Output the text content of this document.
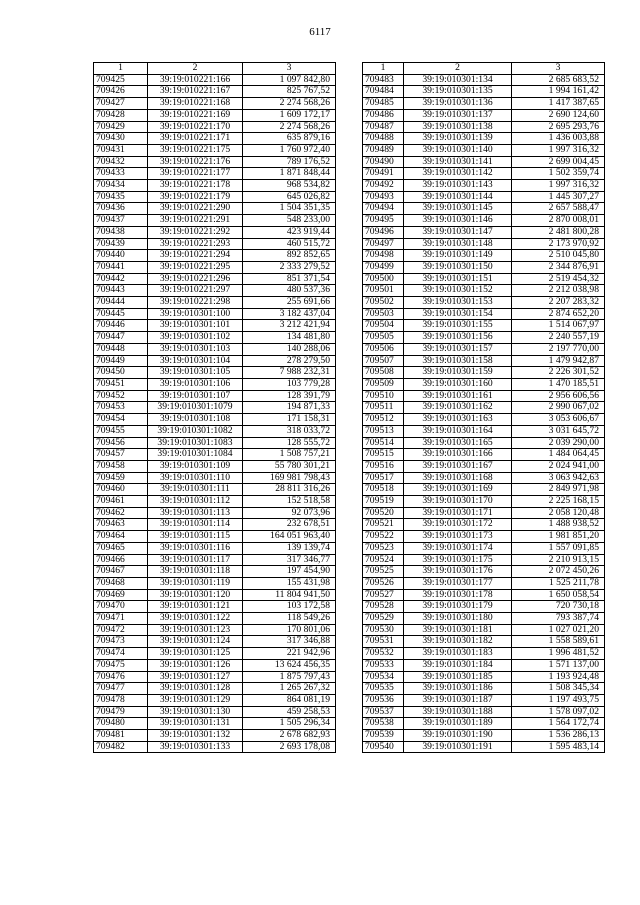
6117
1	2	3
709425	39:19:010221:166	1 097 842,80
709426	39:19:010221:167	825 767,52
709427	39:19:010221:168	2 274 568,26
709428	39:19:010221:169	1 609 172,17
709429	39:19:010221:170	2 274 568,26
709430	39:19:010221:171	635 879,16
709431	39:19:010221:175	1 760 972,40
709432	39:19:010221:176	789 176,52
709433	39:19:010221:177	1 871 848,44
709434	39:19:010221:178	968 534,82
709435	39:19:010221:179	645 026,82
709436	39:19:010221:290	1 504 351,35
709437	39:19:010221:291	548 233,00
709438	39:19:010221:292	423 919,44
709439	39:19:010221:293	460 515,72
709440	39:19:010221:294	892 852,65
709441	39:19:010221:295	2 333 279,52
709442	39:19:010221:296	851 371,54
709443	39:19:010221:297	480 537,36
709444	39:19:010221:298	255 691,66
709445	39:19:010301:100	3 182 437,04
709446	39:19:010301:101	3 212 421,94
709447	39:19:010301:102	134 481,80
709448	39:19:010301:103	140 288,06
709449	39:19:010301:104	278 279,50
709450	39:19:010301:105	7 988 232,31
709451	39:19:010301:106	103 779,28
709452	39:19:010301:107	128 391,79
709453	39:19:010301:1079	194 871,33
709454	39:19:010301:108	171 158,31
709455	39:19:010301:1082	318 033,72
709456	39:19:010301:1083	128 555,72
709457	39:19:010301:1084	1 508 757,21
709458	39:19:010301:109	55 780 301,21
709459	39:19:010301:110	169 981 798,43
709460	39:19:010301:111	28 811 316,26
709461	39:19:010301:112	152 518,58
709462	39:19:010301:113	92 073,96
709463	39:19:010301:114	232 678,51
709464	39:19:010301:115	164 051 963,40
709465	39:19:010301:116	139 139,74
709466	39:19:010301:117	317 346,77
709467	39:19:010301:118	197 454,90
709468	39:19:010301:119	155 431,98
709469	39:19:010301:120	11 804 941,50
709470	39:19:010301:121	103 172,58
709471	39:19:010301:122	118 549,26
709472	39:19:010301:123	170 801,06
709473	39:19:010301:124	317 346,88
709474	39:19:010301:125	221 942,96
709475	39:19:010301:126	13 624 456,35
709476	39:19:010301:127	1 875 797,43
709477	39:19:010301:128	1 265 267,32
709478	39:19:010301:129	864 081,19
709479	39:19:010301:130	459 258,53
709480	39:19:010301:131	1 505 296,34
709481	39:19:010301:132	2 678 682,93
709482	39:19:010301:133	2 693 178,08
1	2	3
709483	39:19:010301:134	2 685 683,52
709484	39:19:010301:135	1 994 161,42
709485	39:19:010301:136	1 417 387,65
709486	39:19:010301:137	2 690 124,60
709487	39:19:010301:138	2 695 293,76
709488	39:19:010301:139	1 436 003,88
709489	39:19:010301:140	1 997 316,32
709490	39:19:010301:141	2 699 004,45
709491	39:19:010301:142	1 502 359,74
709492	39:19:010301:143	1 997 316,32
709493	39:19:010301:144	1 445 307,27
709494	39:19:010301:145	2 657 588,47
709495	39:19:010301:146	2 870 008,01
709496	39:19:010301:147	2 481 800,28
709497	39:19:010301:148	2 173 970,92
709498	39:19:010301:149	2 510 045,80
709499	39:19:010301:150	2 344 876,91
709500	39:19:010301:151	2 519 454,32
709501	39:19:010301:152	2 212 038,98
709502	39:19:010301:153	2 207 283,32
709503	39:19:010301:154	2 874 652,20
709504	39:19:010301:155	1 514 067,97
709505	39:19:010301:156	2 240 557,19
709506	39:19:010301:157	2 197 770,00
709507	39:19:010301:158	1 479 942,87
709508	39:19:010301:159	2 226 301,52
709509	39:19:010301:160	1 470 185,51
709510	39:19:010301:161	2 956 606,56
709511	39:19:010301:162	2 990 067,02
709512	39:19:010301:163	3 053 606,67
709513	39:19:010301:164	3 031 645,72
709514	39:19:010301:165	2 039 290,00
709515	39:19:010301:166	1 484 064,45
709516	39:19:010301:167	2 024 941,00
709517	39:19:010301:168	3 063 942,63
709518	39:19:010301:169	2 849 971,98
709519	39:19:010301:170	2 225 168,15
709520	39:19:010301:171	2 058 120,48
709521	39:19:010301:172	1 488 938,52
709522	39:19:010301:173	1 981 851,20
709523	39:19:010301:174	1 557 091,85
709524	39:19:010301:175	2 210 913,15
709525	39:19:010301:176	2 072 450,26
709526	39:19:010301:177	1 525 211,78
709527	39:19:010301:178	1 650 058,54
709528	39:19:010301:179	720 730,18
709529	39:19:010301:180	793 387,74
709530	39:19:010301:181	1 027 021,20
709531	39:19:010301:182	1 558 589,61
709532	39:19:010301:183	1 996 481,52
709533	39:19:010301:184	1 571 137,00
709534	39:19:010301:185	1 193 924,48
709535	39:19:010301:186	1 508 345,34
709536	39:19:010301:187	1 197 493,75
709537	39:19:010301:188	1 578 097,02
709538	39:19:010301:189	1 564 172,74
709539	39:19:010301:190	1 536 286,13
709540	39:19:010301:191	1 595 483,14
